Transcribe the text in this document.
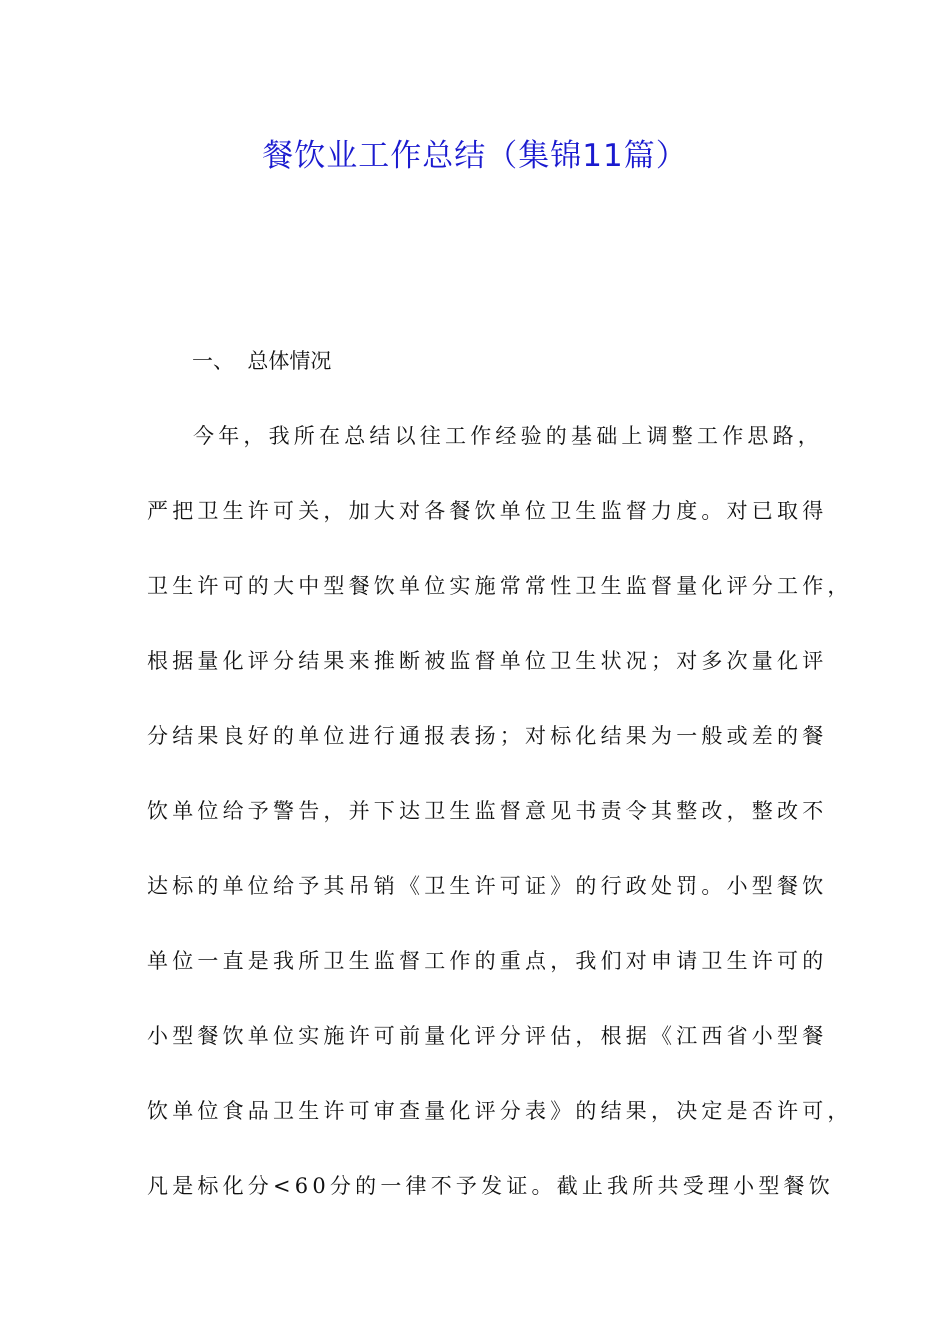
餐饮业工作总结（集锦11篇）
一、  总体情况
今年，我所在总结以往工作经验的基础上调整工作思路，
严把卫生许可关，加大对各餐饮单位卫生监督力度。对已取得
卫生许可的大中型餐饮单位实施常常性卫生监督量化评分工作，
根据量化评分结果来推断被监督单位卫生状况；对多次量化评
分结果良好的单位进行通报表扬；对标化结果为一般或差的餐
饮单位给予警告，并下达卫生监督意见书责令其整改，整改不
达标的单位给予其吊销《卫生许可证》的行政处罚。小型餐饮
单位一直是我所卫生监督工作的重点，我们对申请卫生许可的
小型餐饮单位实施许可前量化评分评估，根据《江西省小型餐
饮单位食品卫生许可审查量化评分表》的结果，决定是否许可，
凡是标化分<60分的一律不予发证。截止我所共受理小型餐饮
